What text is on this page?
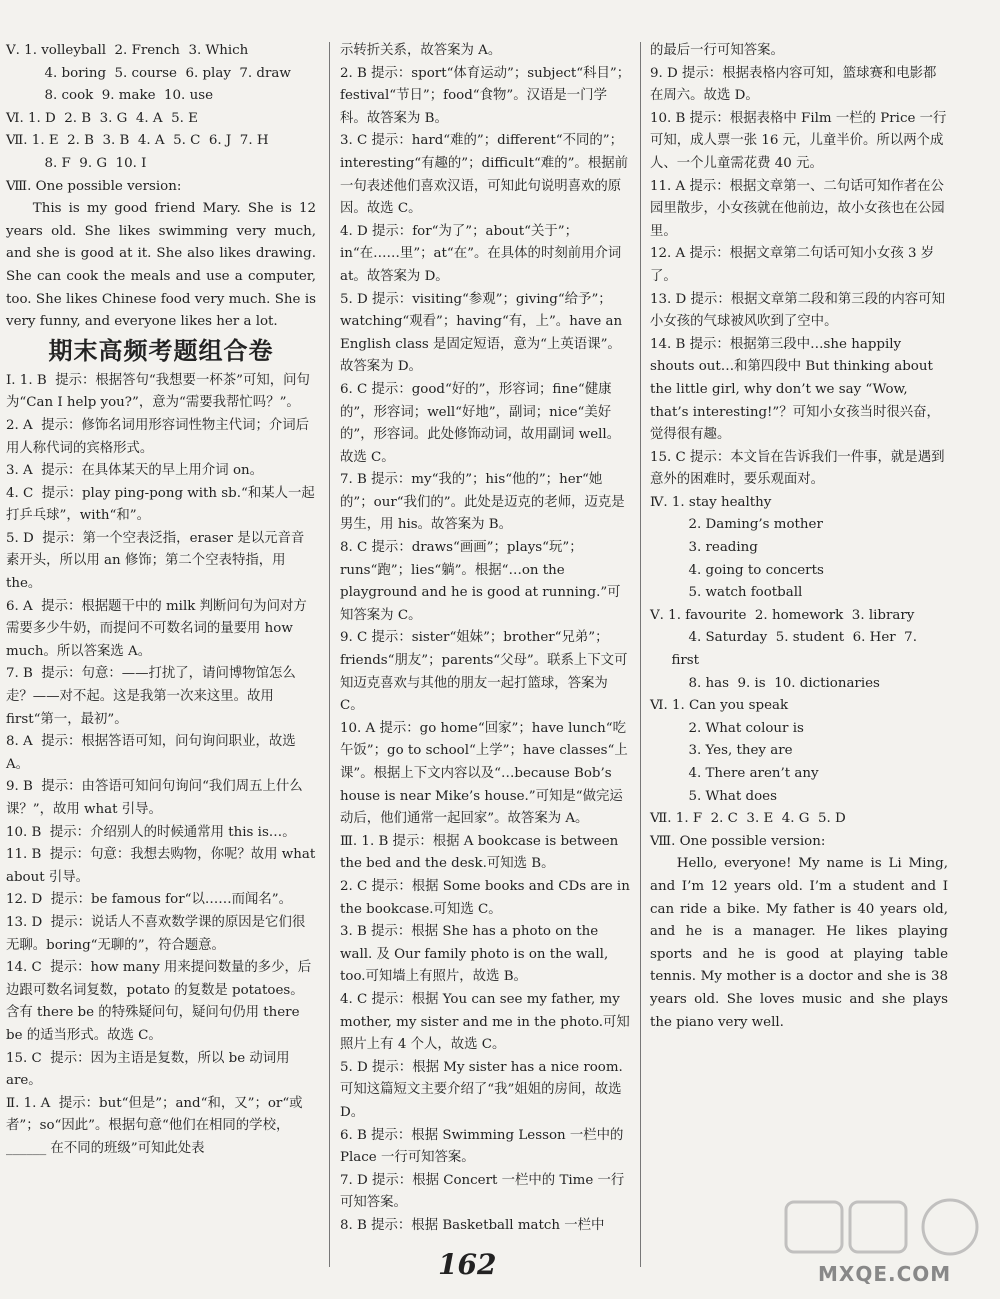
Ⅴ. 1. volleyball  2. French  3. Which

4. boring  5. course  6. play  7. draw

8. cook  9. make  10. use

Ⅵ. 1. D  2. B  3. G  4. A  5. E

Ⅶ. 1. E  2. B  3. B  4. A  5. C  6. J  7. H

8. F  9. G  10. I

Ⅷ. One possible version:

This is my good friend Mary. She is 12 years old. She likes swimming very much, and she is good at it. She also likes drawing. She can cook the meals and use a computer, too. She likes Chinese food very much. She is very funny, and everyone likes her a lot.

期末高频考题组合卷

Ⅰ. 1. B  提示：根据答句“我想要一杯茶”可知，问句为“Can I help you?”，意为“需要我帮忙吗？”。

2. A  提示：修饰名词用形容词性物主代词；介词后用人称代词的宾格形式。

3. A  提示：在具体某天的早上用介词 on。

4. C  提示：play ping-pong with sb.“和某人一起打乒乓球”，with“和”。

5. D  提示：第一个空表泛指，eraser 是以元音音素开头，所以用 an 修饰；第二个空表特指，用 the。

6. A  提示：根据题干中的 milk 判断问句为问对方需要多少牛奶，而提问不可数名词的量要用 how much。所以答案选 A。

7. B  提示：句意：——打扰了，请问博物馆怎么走？——对不起。这是我第一次来这里。故用 first“第一，最初”。

8. A  提示：根据答语可知，问句询问职业，故选 A。

9. B  提示：由答语可知问句询问“我们周五上什么课？”，故用 what 引导。

10. B  提示：介绍别人的时候通常用 this is…。

11. B  提示：句意：我想去购物，你呢？故用 what about 引导。

12. D  提示：be famous for“以……而闻名”。

13. D  提示：说话人不喜欢数学课的原因是它们很无聊。boring“无聊的”，符合题意。

14. C  提示：how many 用来提问数量的多少，后边跟可数名词复数，potato 的复数是 potatoes。含有 there be 的特殊疑问句，疑问句仍用 there be 的适当形式。故选 C。

15. C  提示：因为主语是复数，所以 be 动词用 are。

Ⅱ. 1. A  提示：but“但是”；and“和，又”；or“或者”；so“因此”。根据句意“他们在相同的学校，______ 在不同的班级”可知此处表

示转折关系，故答案为 A。

2. B 提示：sport“体育运动”；subject“科目”；festival“节日”；food“食物”。汉语是一门学科。故答案为 B。

3. C 提示：hard“难的”；different“不同的”；interesting“有趣的”；difficult“难的”。根据前一句表述他们喜欢汉语，可知此句说明喜欢的原因。故选 C。

4. D 提示：for“为了”；about“关于”；in“在……里”；at“在”。在具体的时刻前用介词 at。故答案为 D。

5. D 提示：visiting“参观”；giving“给予”；watching“观看”；having“有，上”。have an English class 是固定短语，意为“上英语课”。故答案为 D。

6. C 提示：good“好的”，形容词；fine“健康的”，形容词；well“好地”，副词；nice“美好的”，形容词。此处修饰动词，故用副词 well。故选 C。

7. B 提示：my“我的”；his“他的”；her“她的”；our“我们的”。此处是迈克的老师，迈克是男生，用 his。故答案为 B。

8. C 提示：draws“画画”；plays“玩”；runs“跑”；lies“躺”。根据“…on the playground and he is good at running.”可知答案为 C。

9. C 提示：sister“姐妹”；brother“兄弟”；friends“朋友”；parents“父母”。联系上下文可知迈克喜欢与其他的朋友一起打篮球，答案为 C。

10. A 提示：go home“回家”；have lunch“吃午饭”；go to school“上学”；have classes“上课”。根据上下文内容以及“…because Bob’s house is near Mike’s house.”可知是“做完运动后，他们通常一起回家”。故答案为 A。

Ⅲ. 1. B 提示：根据 A bookcase is between the bed and the desk.可知选 B。

2. C 提示：根据 Some books and CDs are in the bookcase.可知选 C。

3. B 提示：根据 She has a photo on the wall. 及 Our family photo is on the wall, too.可知墙上有照片，故选 B。

4. C 提示：根据 You can see my father, my mother, my sister and me in the photo.可知照片上有 4 个人，故选 C。

5. D 提示：根据 My sister has a nice room. 可知这篇短文主要介绍了“我”姐姐的房间，故选 D。

6. B 提示：根据 Swimming Lesson 一栏中的 Place 一行可知答案。

7. D 提示：根据 Concert 一栏中的 Time 一行可知答案。

8. B 提示：根据 Basketball match 一栏中

的最后一行可知答案。

9. D 提示：根据表格内容可知，篮球赛和电影都在周六。故选 D。

10. B 提示：根据表格中 Film 一栏的 Price 一行可知，成人票一张 16 元，儿童半价。所以两个成人、一个儿童需花费 40 元。

11. A 提示：根据文章第一、二句话可知作者在公园里散步，小女孩就在他前边，故小女孩也在公园里。

12. A 提示：根据文章第二句话可知小女孩 3 岁了。

13. D 提示：根据文章第二段和第三段的内容可知小女孩的气球被风吹到了空中。

14. B 提示：根据第三段中…she happily shouts out…和第四段中 But thinking about the little girl, why don’t we say “Wow, that’s interesting!”？可知小女孩当时很兴奋，觉得很有趣。

15. C 提示：本文旨在告诉我们一件事，就是遇到意外的困难时，要乐观面对。

Ⅳ. 1. stay healthy

2. Daming’s mother

3. reading

4. going to concerts

5. watch football

Ⅴ. 1. favourite  2. homework  3. library

4. Saturday  5. student  6. Her  7. first

8. has  9. is  10. dictionaries

Ⅵ. 1. Can you speak

2. What colour is

3. Yes, they are

4. There aren’t any

5. What does

Ⅶ. 1. F  2. C  3. E  4. G  5. D

Ⅷ. One possible version:

Hello, everyone! My name is Li Ming, and I’m 12 years old. I’m a student and I can ride a bike. My father is 40 years old, and he is a manager. He likes playing sports and he is good at playing table tennis. My mother is a doctor and she is 38 years old. She loves music and she plays the piano very well.

162	MXQE.COM
